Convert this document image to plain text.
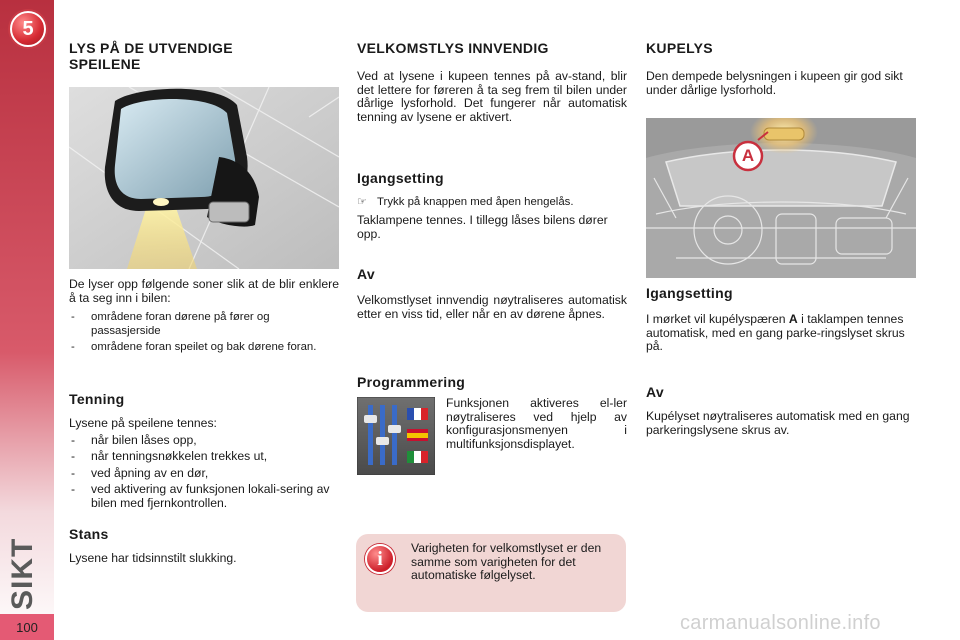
5
SIKT
100
LYS PÅ DE UTVENDIGE SPEILENE

De lyser opp følgende soner slik at de blir enklere å ta seg inn i bilen:

- områdene foran dørene på fører og passasjerside
- områdene foran speilet og bak dørene foran.
Tenning

Lysene på speilene tennes:

- når bilen låses opp,
- når tenningsnøkkelen trekkes ut,
- ved åpning av en dør,
- ved aktivering av funksjonen lokali-sering av bilen med fjernkontrollen.
Stans

Lysene har tidsinnstilt slukking.

VELKOMSTLYS INNVENDIG

Ved at lysene i kupeen tennes på av-stand, blir det lettere for føreren å ta seg frem til bilen under dårlige lysforhold. Det fungerer når automatisk tenning av lysene er aktivert.

Igangsetting
☞ Trykk på knappen med åpen hengelås.

Taklampene tennes. I tillegg låses bilens dører opp.

Av

Velkomstlyset innvendig nøytraliseres automatisk etter en viss tid, eller når en av dørene åpnes.

Programmering

Funksjonen aktiveres el-ler nøytraliseres ved hjelp av konfigurasjonsmenyen i multifunksjonsdisplayet.

i	Varigheten for velkomstlyset er den samme som varigheten for det automatiske følgelyset.

KUPELYS

Den dempede belysningen i kupeen gir god sikt under dårlige lysforhold.

A
Igangsetting

I mørket vil kupélyspæren A i taklampen tennes automatisk, med en gang parke-ringslyset skrus på.

Av

Kupélyset nøytraliseres automatisk med en gang parkeringslysene skrus av.

carmanualsonline.info
